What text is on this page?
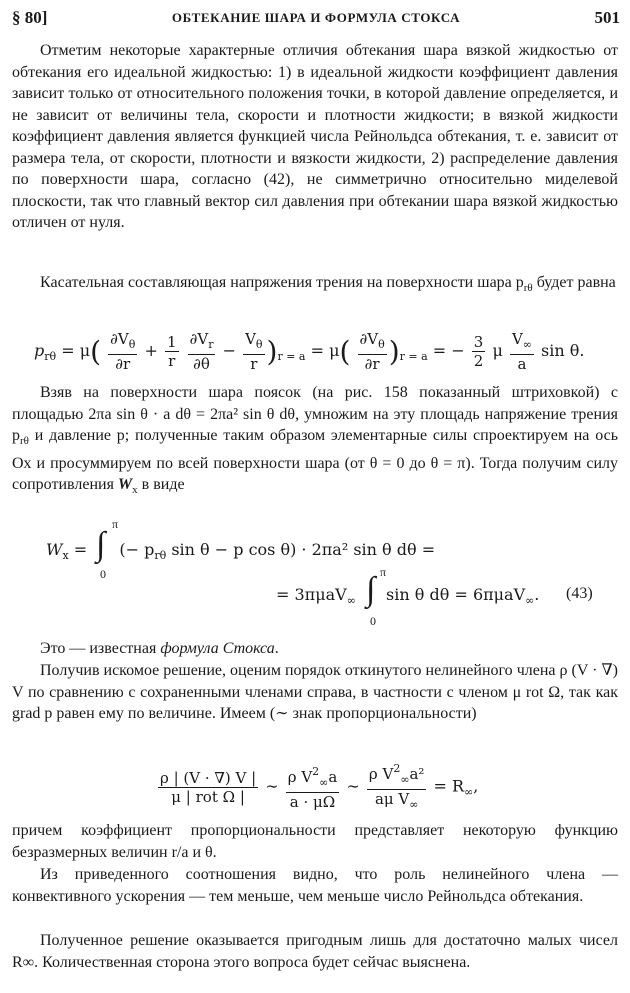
§ 80]	ОБТЕКАНИЕ ШАРА И ФОРМУЛА СТОКСА	501
Отметим некоторые характерные отличия обтекания шара вязкой жидкостью от обтекания его идеальной жидкостью: 1) в идеальной жидкости коэффициент давления зависит только от относительного положения точки, в которой давление определяется, и не зависит от величины тела, скорости и плотности жидкости; в вязкой жидкости коэффициент давления является функцией числа Рейнольдса обтекания, т. е. зависит от размера тела, от скорости, плотности и вязкости жидкости, 2) распределение давления по поверхности шара, согласно (42), не симметрично относительно миделевой плоскости, так что главный вектор сил давления при обтекании шара вязкой жидкостью отличен от нуля.
Касательная составляющая напряжения трения на поверхности шара $p_{r\theta}$ будет равна
$p_{r\theta} = \mu( \frac{\partial V_\theta}{\partial r} + \frac{1}{r}$
$\frac{\partial V_r}{\partial\theta} - \frac{V_\theta}{r} )_{r = a} = \mu( \frac{\partial V_\theta}{\partial r} )_{r = a}$ = − $\frac{3}{2}$ μ $\frac{V_\infty}{a}$ sin θ.
Взяв на поверхности шара поясок (на рис. 158 показанный штриховкой) с площадью 2πa sin θ · a dθ = 2πa² sin θ dθ, умножим на эту площадь напряжение трения $p_{r\theta}$ и давление p; полученные таким образом элементарные силы спроектируем на ось Ox и просуммируем по всей поверхности шара (от θ = 0 до θ = π). Тогда получим силу сопротивления $W_x$ в виде
$W_x$ = (− $p_{r\theta}$ sin θ − p cos θ) · 2πa² sin θ dθ =
∫
π
0
= 3πμaV$_\infty$ sin θ dθ = 6πμaV$_\infty$.
∫ π
0
(43)
Это — известная формула Стокса.
Получив искомое решение, оценим порядок откинутого нелинейного члена ρ (V · ∇) V по сравнению с сохраненными членами справа, в частности с членом μ rot Ω, так как grad p равен ему по величине. Имеем (∼ знак пропорциональности)
$\frac{\rho | (V \cdot \nabla) V |}{\text{μ | rot Ω |}}$ ∼ $\frac{\rho V^2_\infty a}{a \cdot \mu\Omega}$ ∼ $\frac{\rho V^2_\infty a^2}{a\mu V_\infty} = R_\infty$,
причем коэффициент пропорциональности представляет некоторую функцию безразмерных величин r/a и θ.
Из приведенного соотношения видно, что роль нелинейного члена — конвективного ускорения — тем меньше, чем меньше число Рейнольдса обтекания.
Полученное решение оказывается пригодным лишь для достаточно малых чисел R∞. Количественная сторона этого вопроса будет сейчас выяснена.
